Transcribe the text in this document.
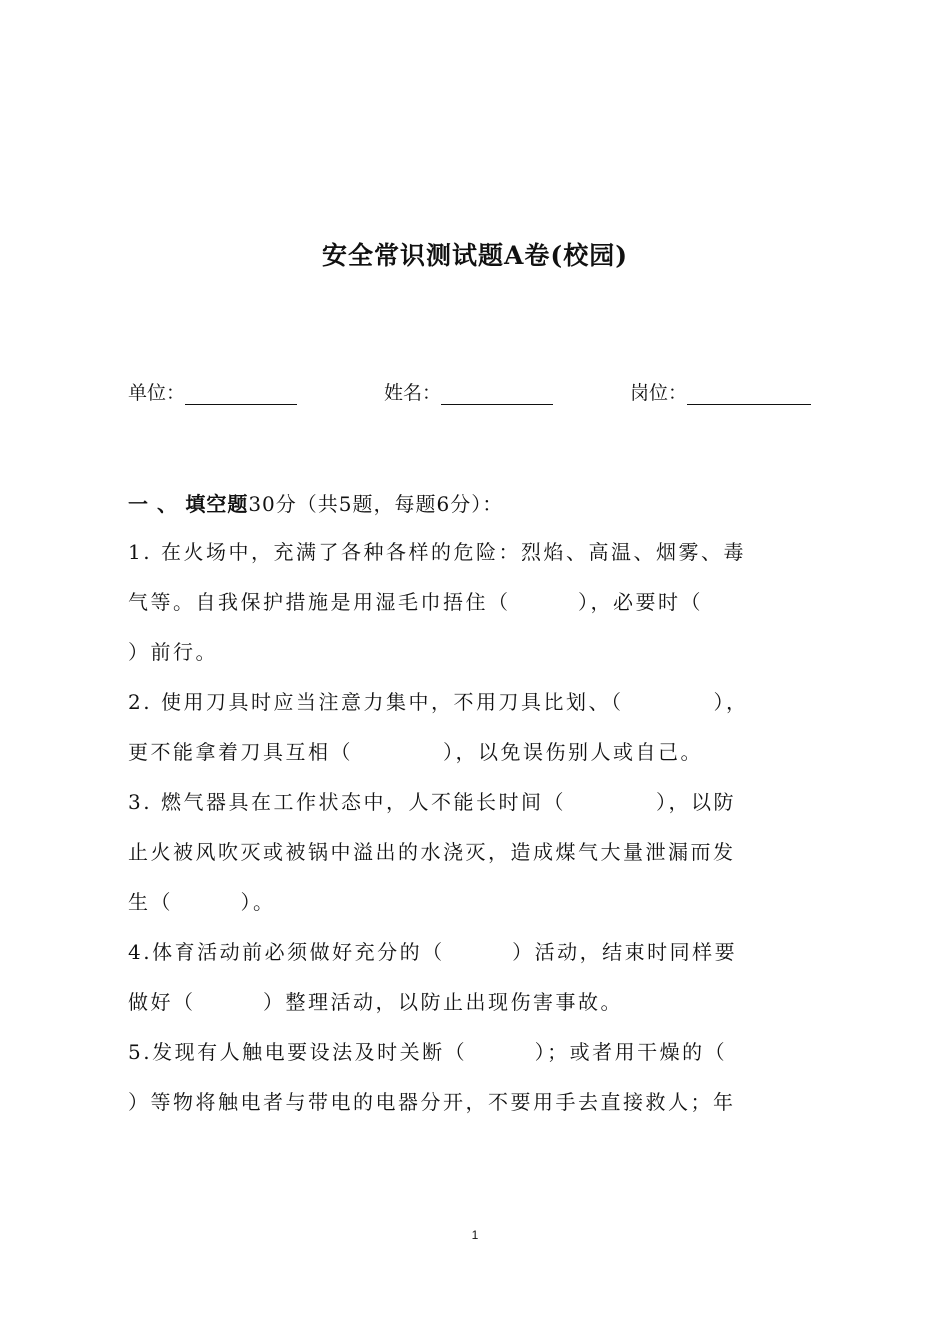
安全常识测试题A卷(校园)
单位：	姓名：	岗位：
一 、 填空题30分（共5题，每题6分）：
1. 在火场中，充满了各种各样的危险：烈焰、高温、烟雾、毒
气等。自我保护措施是用湿毛巾捂住（　　　），必要时（
）前行。
2. 使用刀具时应当注意力集中，不用刀具比划、（　　　　），
更不能拿着刀具互相（　　　　），以免误伤别人或自己。
3. 燃气器具在工作状态中，人不能长时间（　　　　），以防
止火被风吹灭或被锅中溢出的水浇灭，造成煤气大量泄漏而发
生（　　　）。
4.体育活动前必须做好充分的（　　　）活动，结束时同样要
做好（　　　）整理活动，以防止出现伤害事故。
5.发现有人触电要设法及时关断（　　　）；或者用干燥的（
）等物将触电者与带电的电器分开，不要用手去直接救人；年
1
